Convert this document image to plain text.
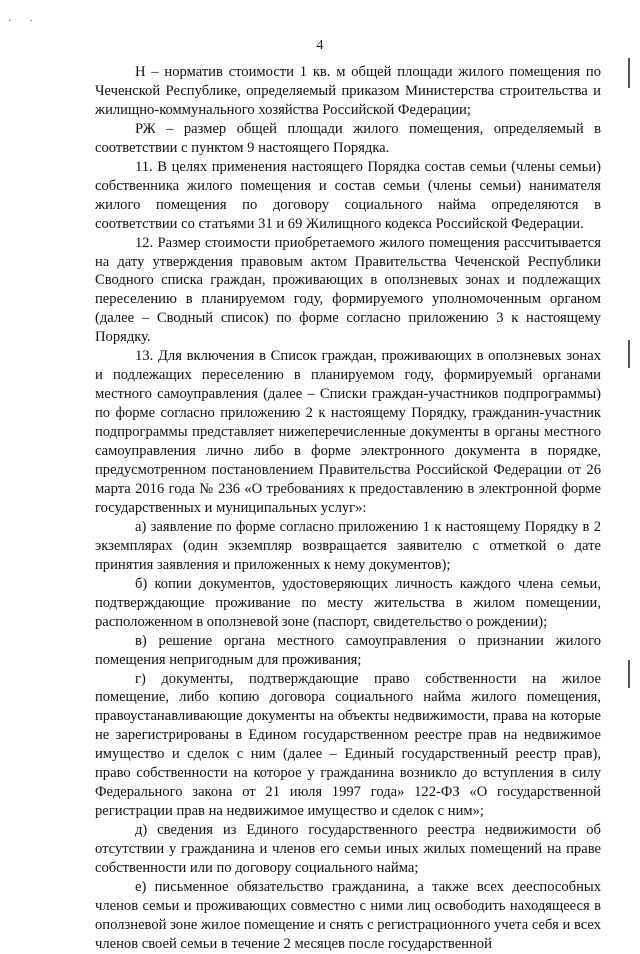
··
4

Н – норматив стоимости 1 кв. м общей площади жилого помещения по Чеченской Республике, определяемый приказом Министерства строительства и жилищно-коммунального хозяйства Российской Федерации;

РЖ – размер общей площади жилого помещения, определяемый в соответствии с пунктом 9 настоящего Порядка.

11. В целях применения настоящего Порядка состав семьи (члены семьи) собственника жилого помещения и состав семьи (члены семьи) нанимателя жилого помещения по договору социального найма определяются в соответствии со статьями 31 и 69 Жилищного кодекса Российской Федерации.

12. Размер стоимости приобретаемого жилого помещения рассчитывается на дату утверждения правовым актом Правительства Чеченской Республики Сводного списка граждан, проживающих в оползневых зонах и подлежащих переселению в планируемом году, формируемого уполномоченным органом (далее – Сводный список) по форме согласно приложению 3 к настоящему Порядку.

13. Для включения в Список граждан, проживающих в оползневых зонах и подлежащих переселению в планируемом году, формируемый органами местного самоуправления (далее – Списки граждан-участников подпрограммы) по форме согласно приложению 2 к настоящему Порядку, гражданин-участник подпрограммы представляет нижеперечисленные документы в органы местного самоуправления лично либо в форме электронного документа в порядке, предусмотренном постановлением Правительства Российской Федерации от 26 марта 2016 года № 236 «О требованиях к предоставлению в электронной форме государственных и муниципальных услуг»:

а) заявление по форме согласно приложению 1 к настоящему Порядку в 2 экземплярах (один экземпляр возвращается заявителю с отметкой о дате принятия заявления и приложенных к нему документов);

б) копии документов, удостоверяющих личность каждого члена семьи, подтверждающие проживание по месту жительства в жилом помещении, расположенном в оползневой зоне (паспорт, свидетельство о рождении);

в) решение органа местного самоуправления о признании жилого помещения непригодным для проживания;

г) документы, подтверждающие право собственности на жилое помещение, либо копию договора социального найма жилого помещения, правоустанавливающие документы на объекты недвижимости, права на которые не зарегистрированы в Едином государственном реестре прав на недвижимое имущество и сделок с ним (далее – Единый государственный реестр прав), право собственности на которое у гражданина возникло до вступления в силу Федерального закона от 21 июля 1997 года» 122-ФЗ «О государственной регистрации прав на недвижимое имущество и сделок с ним»;

д) сведения из Единого государственного реестра недвижимости об отсутствии у гражданина и членов его семьи иных жилых помещений на праве собственности или по договору социального найма;

е) письменное обязательство гражданина, а также всех дееспособных членов семьи и проживающих совместно с ними лиц освободить находящееся в оползневой зоне жилое помещение и снять с регистрационного учета себя и всех членов своей семьи в течение 2 месяцев после государственной
